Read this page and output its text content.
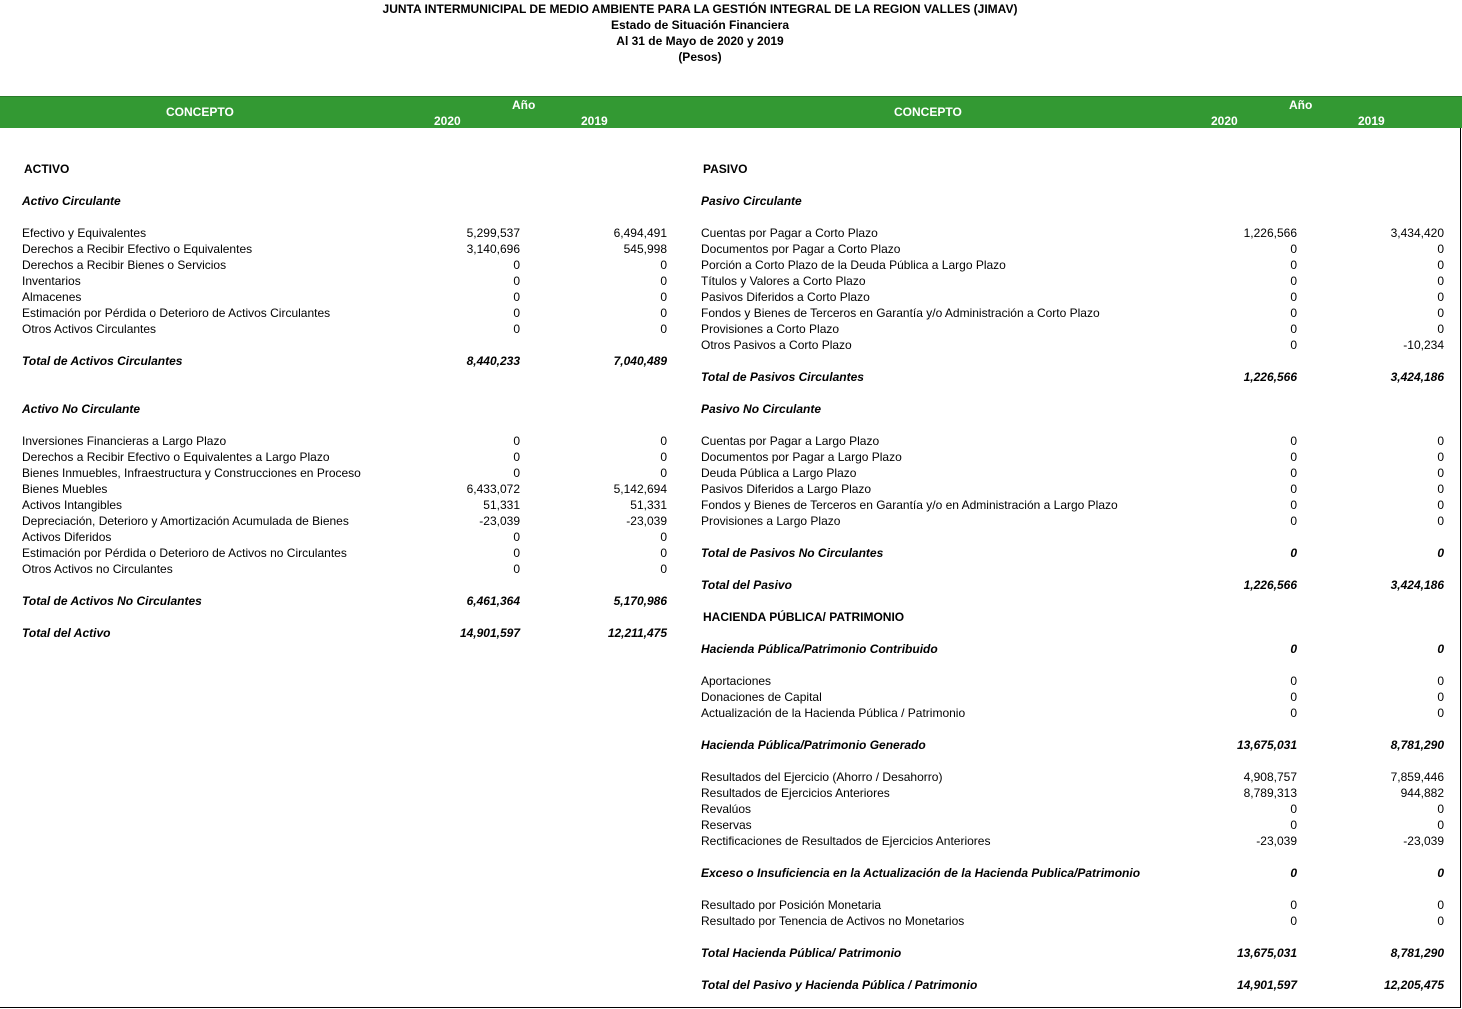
JUNTA INTERMUNICIPAL DE MEDIO AMBIENTE PARA LA GESTIÓN INTEGRAL DE LA REGION VALLES (JIMAV)
Estado de Situación Financiera
Al 31 de Mayo de 2020 y 2019
(Pesos)
CONCEPTO	Año
2020	2019
CONCEPTO	Año
2020	2019
ACTIVO
Activo Circulante
Efectivo y Equivalentes	5,299,537	6,494,491
Derechos a Recibir Efectivo o Equivalentes	3,140,696	545,998
Derechos a Recibir Bienes o Servicios	0	0
Inventarios	0	0
Almacenes	0	0
Estimación por Pérdida o Deterioro de Activos Circulantes	0	0
Otros Activos Circulantes	0	0
Total de Activos Circulantes	8,440,233	7,040,489
Activo No Circulante
Inversiones Financieras a Largo Plazo	0	0
Derechos a Recibir Efectivo o Equivalentes a Largo Plazo	0	0
Bienes Inmuebles, Infraestructura y Construcciones en Proceso	0	0
Bienes Muebles	6,433,072	5,142,694
Activos Intangibles	51,331	51,331
Depreciación, Deterioro y Amortización Acumulada de Bienes	-23,039	-23,039
Activos Diferidos	0	0
Estimación por Pérdida o Deterioro de Activos no Circulantes	0	0
Otros Activos no Circulantes	0	0
Total de Activos No Circulantes	6,461,364	5,170,986
Total del Activo	14,901,597	12,211,475
PASIVO
Pasivo Circulante
Cuentas por Pagar a Corto Plazo	1,226,566	3,434,420
Documentos por Pagar a Corto Plazo	0	0
Porción a Corto Plazo de la Deuda Pública a Largo Plazo	0	0
Títulos y Valores a Corto Plazo	0	0
Pasivos Diferidos a Corto Plazo	0	0
Fondos y Bienes de Terceros en Garantía y/o Administración a Corto Plazo	0	0
Provisiones a Corto Plazo	0	0
Otros Pasivos a Corto Plazo	0	-10,234
Total de Pasivos Circulantes	1,226,566	3,424,186
Pasivo No Circulante
Cuentas por Pagar a Largo Plazo	0	0
Documentos por Pagar a Largo Plazo	0	0
Deuda Pública a Largo Plazo	0	0
Pasivos Diferidos a Largo Plazo	0	0
Fondos y Bienes de Terceros en Garantía y/o en Administración a Largo Plazo	0	0
Provisiones a Largo Plazo	0	0
Total de Pasivos No Circulantes	0	0
Total del Pasivo	1,226,566	3,424,186
HACIENDA PÚBLICA/ PATRIMONIO
Hacienda Pública/Patrimonio Contribuido	0	0
Aportaciones	0	0
Donaciones de Capital	0	0
Actualización de la Hacienda Pública / Patrimonio	0	0
Hacienda Pública/Patrimonio Generado	13,675,031	8,781,290
Resultados del Ejercicio (Ahorro / Desahorro)	4,908,757	7,859,446
Resultados de Ejercicios Anteriores	8,789,313	944,882
Revalúos	0	0
Reservas	0	0
Rectificaciones de Resultados de Ejercicios Anteriores	-23,039	-23,039
Exceso o Insuficiencia en la Actualización de la Hacienda Publica/Patrimonio	0	0
Resultado por Posición Monetaria	0	0
Resultado por Tenencia de Activos no Monetarios	0	0
Total Hacienda Pública/ Patrimonio	13,675,031	8,781,290
Total del Pasivo y Hacienda Pública / Patrimonio	14,901,597	12,205,475
